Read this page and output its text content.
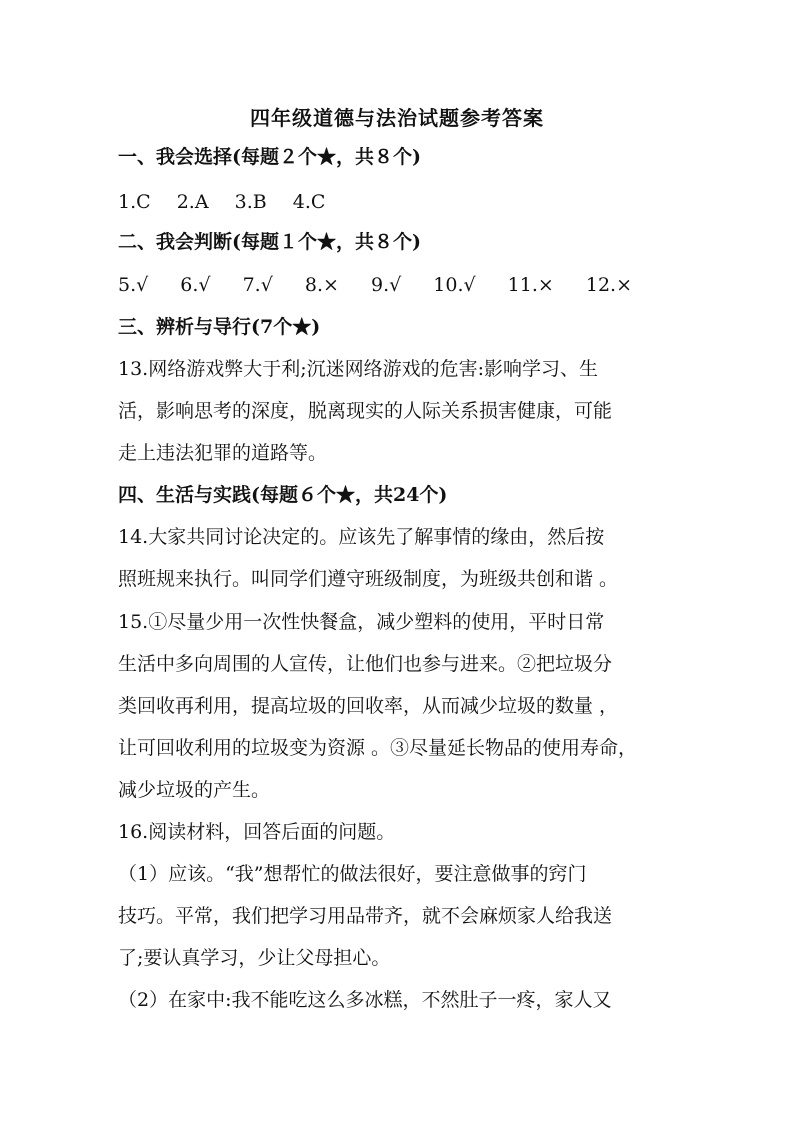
四年级道德与法治试题参考答案
一、我会选择(每题２个★，共８个)
1.C 2.A 3.B 4.C
二、我会判断(每题１个★，共８个)
5.√ 6.√ 7.√ 8.× 9.√ 10.√ 11.× 12.×
三、辨析与导行(7个★)
13.网络游戏弊大于利;沉迷网络游戏的危害:影响学习、生
活，影响思考的深度，脱离现实的人际关系损害健康，可能
走上违法犯罪的道路等。
四、生活与实践(每题６个★，共24个)
14.大家共同讨论决定的。应该先了解事情的缘由，然后按
照班规来执行。叫同学们遵守班级制度，为班级共创和谐 。
15.①尽量少用一次性快餐盒，减少塑料的使用，平时日常
生活中多向周围的人宣传，让他们也参与进来。②把垃圾分
类回收再利用，提高垃圾的回收率，从而减少垃圾的数量 ，
让可回收利用的垃圾变为资源 。③尽量延长物品的使用寿命，
减少垃圾的产生。
16.阅读材料，回答后面的问题。
（1）应该。“我”想帮忙的做法很好，要注意做事的窍门
技巧。平常，我们把学习用品带齐，就不会麻烦家人给我送
了;要认真学习，少让父母担心。
（2）在家中:我不能吃这么多冰糕，不然肚子一疼，家人又
